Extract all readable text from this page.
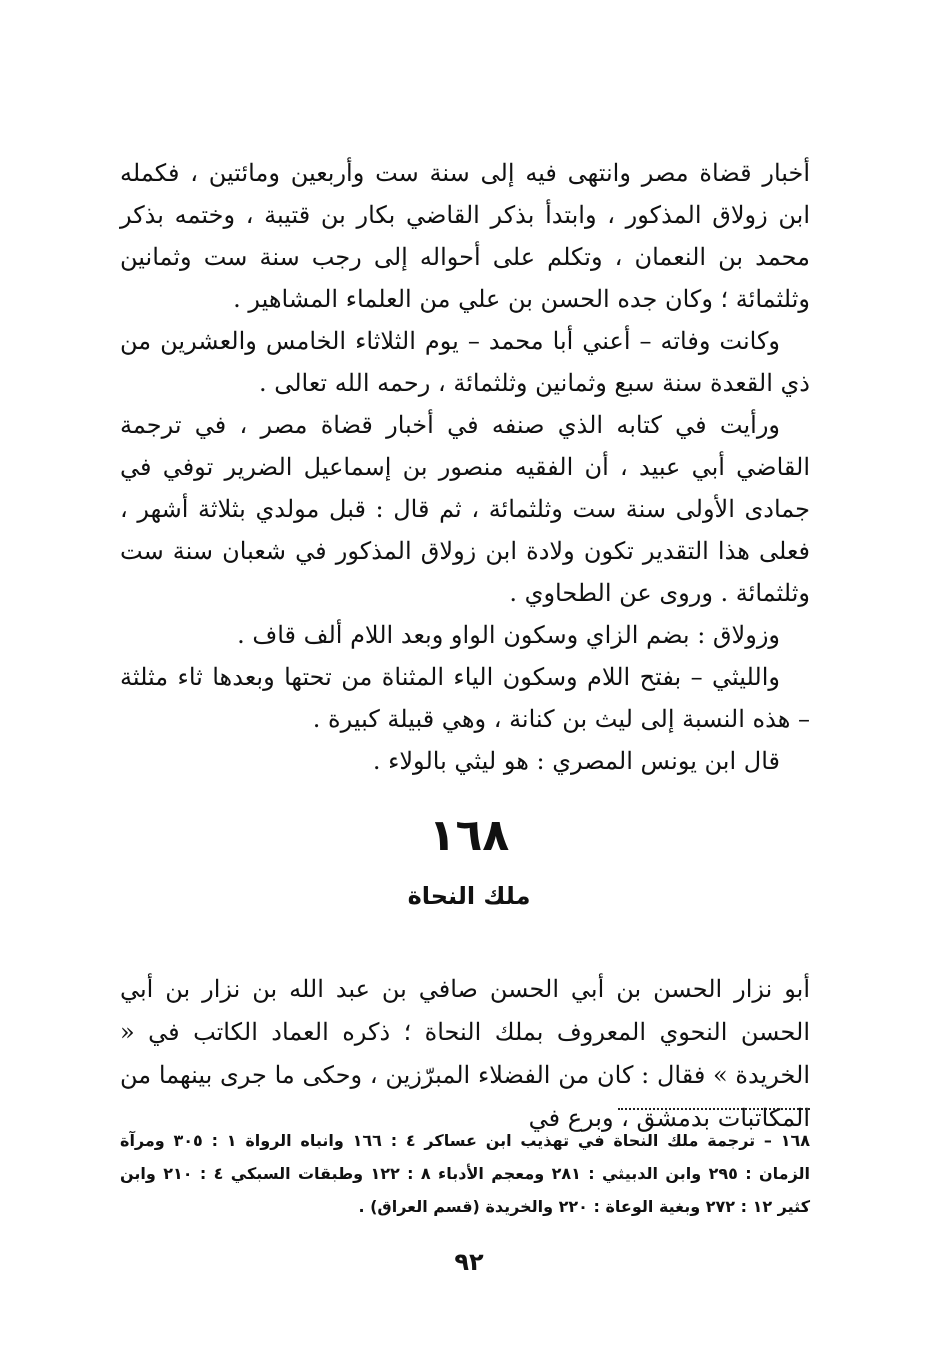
أخبار قضاة مصر وانتهى فيه إلى سنة ست وأربعين ومائتين ، فكمله ابن زولاق المذكور ، وابتدأ بذكر القاضي بكار بن قتيبة ، وختمه بذكر محمد بن النعمان ، وتكلم على أحواله إلى رجب سنة ست وثمانين وثلثمائة ؛ وكان جده الحسن بن علي من العلماء المشاهير .

وكانت وفاته – أعني أبا محمد – يوم الثلاثاء الخامس والعشرين من ذي القعدة سنة سبع وثمانين وثلثمائة ، رحمه الله تعالى .

ورأيت في كتابه الذي صنفه في أخبار قضاة مصر ، في ترجمة القاضي أبي عبيد ، أن الفقيه منصور بن إسماعيل الضرير توفي في جمادى الأولى سنة ست وثلثمائة ، ثم قال : قبل مولدي بثلاثة أشهر ، فعلى هذا التقدير تكون ولادة ابن زولاق المذكور في شعبان سنة ست وثلثمائة . وروى عن الطحاوي .

وزولاق : بضم الزاي وسكون الواو وبعد اللام ألف قاف .

والليثي – بفتح اللام وسكون الياء المثناة من تحتها وبعدها ثاء مثلثة – هذه النسبة إلى ليث بن كنانة ، وهي قبيلة كبيرة .

قال ابن يونس المصري : هو ليثي بالولاء .

١٦٨
ملك النحاة

أبو نزار الحسن بن أبي الحسن صافي بن عبد الله بن نزار بن أبي الحسن النحوي المعروف بملك النحاة ؛ ذكره العماد الكاتب في « الخريدة » فقال : كان من الفضلاء المبرّزين ، وحكى ما جرى بينهما من المكاتبات بدمشق ، وبرع في

١٦٨ – ترجمة ملك النحاة في تهذيب ابن عساكر ٤ : ١٦٦ وانباه الرواة ١ : ٣٠٥ ومرآة الزمان : ٢٩٥ وابن الدبيثي : ٢٨١ ومعجم الأدباء ٨ : ١٢٢ وطبقات السبكي ٤ : ٢١٠ وابن كثير ١٢ : ٢٧٢ وبغية الوعاة : ٢٢٠ والخريدة (قسم العراق) .
٩٢
